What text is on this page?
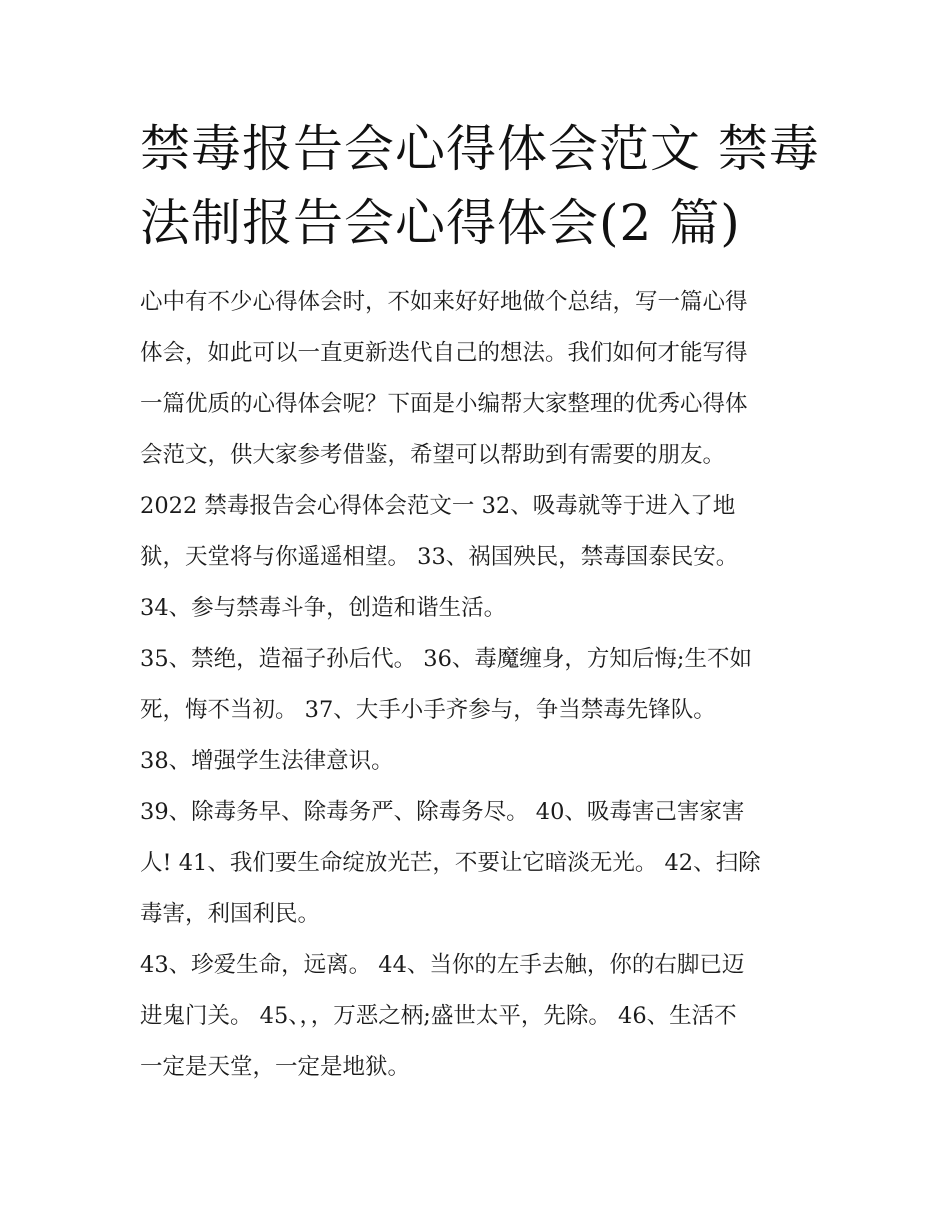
禁毒报告会心得体会范文 禁毒
法制报告会心得体会(2 篇)
心中有不少心得体会时，不如来好好地做个总结，写一篇心得
体会，如此可以一直更新迭代自己的想法。我们如何才能写得
一篇优质的心得体会呢？下面是小编帮大家整理的优秀心得体
会范文，供大家参考借鉴，希望可以帮助到有需要的朋友。
2022 禁毒报告会心得体会范文一 32、吸毒就等于进入了地
狱，天堂将与你遥遥相望。 33、祸国殃民，禁毒国泰民安。
34、参与禁毒斗争，创造和谐生活。
35、禁绝，造福子孙后代。 36、毒魔缠身，方知后悔;生不如
死，悔不当初。 37、大手小手齐参与，争当禁毒先锋队。
38、增强学生法律意识。
39、除毒务早、除毒务严、除毒务尽。 40、吸毒害己害家害
人! 41、我们要生命绽放光芒，不要让它暗淡无光。 42、扫除
毒害，利国利民。
43、珍爱生命，远离。 44、当你的左手去触，你的右脚已迈
进鬼门关。 45、，，万恶之柄;盛世太平，先除。 46、生活不
一定是天堂，一定是地狱。
